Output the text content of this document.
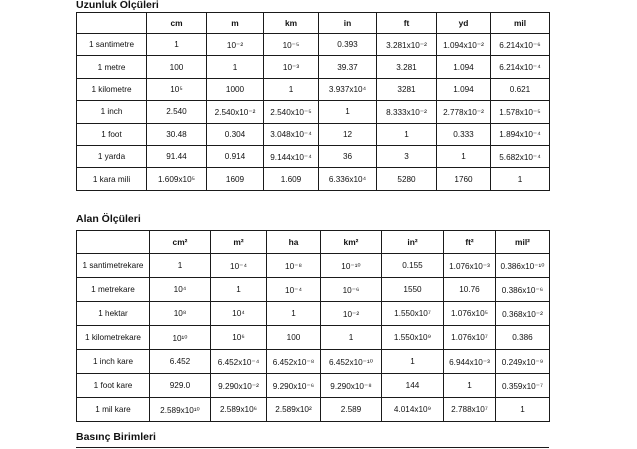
Uzunluk Ölçüleri
	cm	m	km	in	ft	yd	mil
1 santimetre	1	10⁻²	10⁻⁵	0.393	3.281x10⁻²	1.094x10⁻²	6.214x10⁻⁶
1 metre	100	1	10⁻³	39.37	3.281	1.094	6.214x10⁻⁴
1 kilometre	10⁵	1000	1	3.937x10⁴	3281	1.094	0.621
1 inch	2.540	2.540x10⁻²	2.540x10⁻⁵	1	8.333x10⁻²	2.778x10⁻²	1.578x10⁻⁵
1 foot	30.48	0.304	3.048x10⁻⁴	12	1	0.333	1.894x10⁻⁴
1 yarda	91.44	0.914	9.144x10⁻⁴	36	3	1	5.682x10⁻⁴
1 kara mili	1.609x10⁵	1609	1.609	6.336x10⁴	5280	1760	1
Alan Ölçüleri
	cm²	m²	ha	km²	in²	ft²	mil²
1 santimetrekare	1	10⁻⁴	10⁻⁸	10⁻¹⁰	0.155	1.076x10⁻³	0.386x10⁻¹⁰
1 metrekare	10⁴	1	10⁻⁴	10⁻⁶	1550	10.76	0.386x10⁻⁶
1 hektar	10⁸	10⁴	1	10⁻²	1.550x10⁷	1.076x10⁵	0.368x10⁻²
1 kilometrekare	10¹⁰	10⁶	100	1	1.550x10⁹	1.076x10⁷	0.386
1 inch kare	6.452	6.452x10⁻⁴	6.452x10⁻⁸	6.452x10⁻¹⁰	1	6.944x10⁻³	0.249x10⁻⁹
1 foot kare	929.0	9.290x10⁻²	9.290x10⁻⁶	9.290x10⁻⁸	144	1	0.359x10⁻⁷
1 mil kare	2.589x10¹⁰	2.589x10⁶	2.589x10²	2.589	4.014x10⁹	2.788x10⁷	1
Basınç Birimleri
